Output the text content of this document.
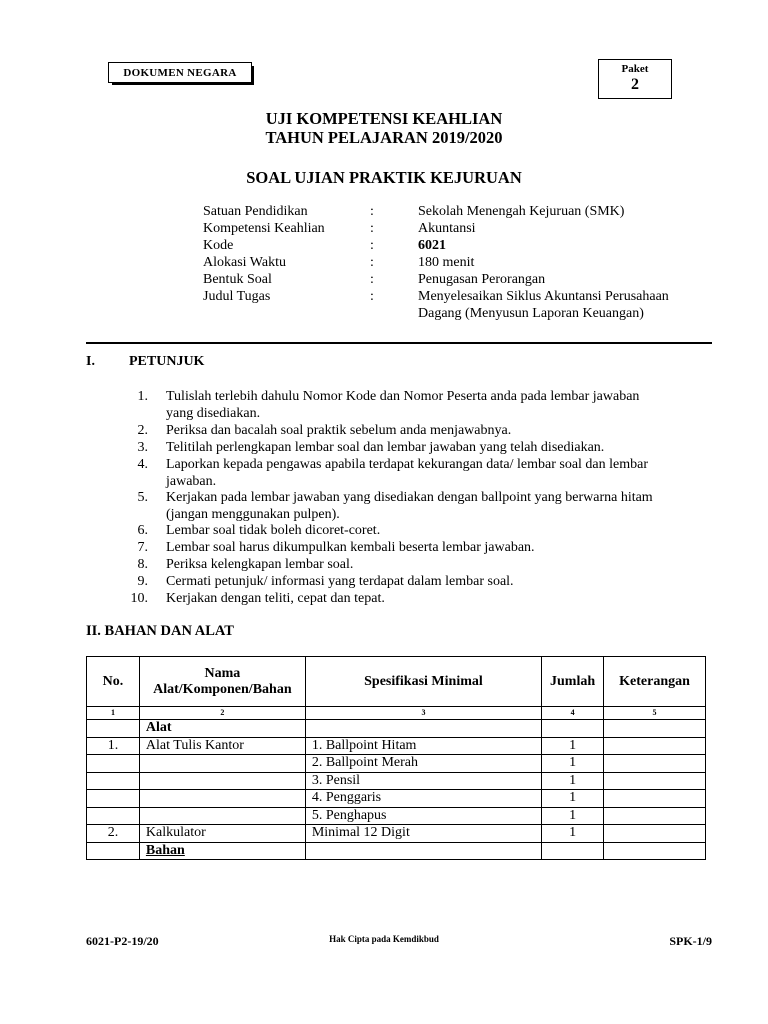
DOKUMEN NEGARA	Paket
2
UJI KOMPETENSI KEAHLIAN
TAHUN PELAJARAN 2019/2020
SOAL UJIAN PRAKTIK KEJURUAN
Satuan Pendidikan	:	Sekolah Menengah Kejuruan (SMK)
Kompetensi Keahlian	:	Akuntansi
Kode	:	6021
Alokasi Waktu	:	180 menit
Bentuk Soal	:	Penugasan Perorangan
Judul Tugas	:	Menyelesaikan Siklus Akuntansi Perusahaan Dagang (Menyusun Laporan Keuangan)
I. PETUNJUK
1. Tulislah terlebih dahulu Nomor Kode dan Nomor Peserta anda pada lembar jawaban yang disediakan.
2. Periksa dan bacalah soal praktik sebelum anda menjawabnya.
3. Telitilah perlengkapan lembar soal dan lembar jawaban yang telah disediakan.
4. Laporkan kepada pengawas apabila terdapat kekurangan data/ lembar soal dan lembar jawaban.
5. Kerjakan pada lembar jawaban yang disediakan dengan ballpoint yang berwarna hitam (jangan menggunakan pulpen).
6. Lembar soal tidak boleh dicoret-coret.
7. Lembar soal harus dikumpulkan kembali beserta lembar jawaban.
8. Periksa kelengkapan lembar soal.
9. Cermati petunjuk/ informasi yang terdapat dalam lembar soal.
10. Kerjakan dengan teliti, cepat dan tepat.
II. BAHAN DAN ALAT
No.	Nama Alat/Komponen/Bahan	Spesifikasi Minimal	Jumlah	Keterangan
1	2	3	4	5
	Alat			
1.	Alat Tulis Kantor	1. Ballpoint Hitam	1	
		2. Ballpoint Merah	1	
		3. Pensil	1	
		4. Penggaris	1	
		5. Penghapus	1	
2.	Kalkulator	Minimal 12 Digit	1	
	Bahan			
6021-P2-19/20	Hak Cipta pada Kemdikbud	SPK-1/9
